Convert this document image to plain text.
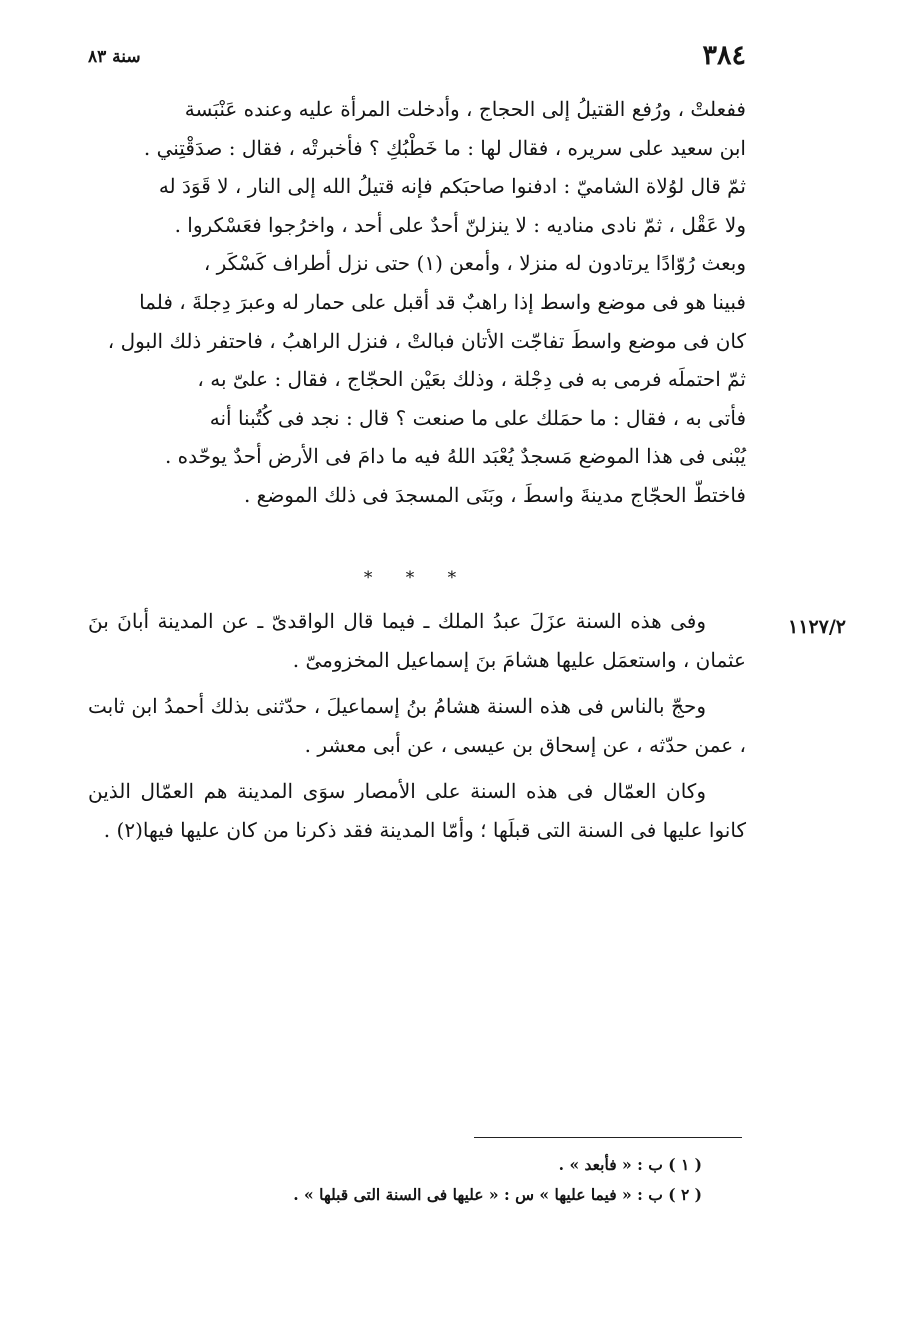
٣٨٤
سنة ٨٣

ففعلتْ ، ورُفع القتيلُ إلى الحجاج ، وأدخلت المرأة عليه وعنده عَنْبَسة

ابن سعيد على سريره ، فقال لها : ما خَطْبُكِ ؟ فأخبرتْه ، فقال : صدَقْتِني .

ثمّ قال لوُلاة الشاميّ : ادفنوا صاحبَكم فإنه قتيلُ الله إلى النار ، لا قَوَدَ له

ولا عَقْل ، ثمّ نادى مناديه : لا ينزلنّ أحدٌ على أحد ، واخرُجوا فعَسْكروا .

وبعث رُوّادًا يرتادون له منزلا ، وأمعن (١) حتى نزل أطراف كَسْكَر ،

فبينا هو فى موضع واسط إذا راهبٌ قد أقبل على حمار له وعبرَ دِجلةَ ، فلما

كان فى موضع واسطَ تفاجّت الأتان فبالتْ ، فنزل الراهبُ ، فاحتفر ذلك البول ،

ثمّ احتملَه فرمى به فى دِجْلة ، وذلك بعَيْن الحجّاج ، فقال : علىّ به ،

فأتى به ، فقال : ما حمَلك على ما صنعت ؟ قال : نجد فى كُتُبنا أنه

يُبْنى فى هذا الموضع مَسجدٌ يُعْبَد اللهُ فيه ما دامَ فى الأرض أحدٌ يوحّده .

فاختطّ الحجّاج مدينةَ واسطَ ، وبَنَى المسجدَ فى ذلك الموضع .

* * *
١١٢٧/٢

وفى هذه السنة عزَلَ عبدُ الملك ـ فيما قال الواقدىّ ـ عن المدينة أبانَ بنَ عثمان ، واستعمَل عليها هشامَ بنَ إسماعيل المخزومىّ .

وحجّ بالناس فى هذه السنة هشامُ بنُ إسماعيلَ ، حدّثنى بذلك أحمدُ ابن ثابت ، عمن حدّثه ، عن إسحاق بن عيسى ، عن أبى معشر .

وكان العمّال فى هذه السنة على الأمصار سوَى المدينة هم العمّال الذين كانوا عليها فى السنة التى قبلَها ؛ وأمّا المدينة فقد ذكرنا من كان عليها فيها(٢) .

( ١ ) ب : « فأبعد » .

( ٢ ) ب : « فيما عليها » س : « عليها فى السنة التى قبلها » .
